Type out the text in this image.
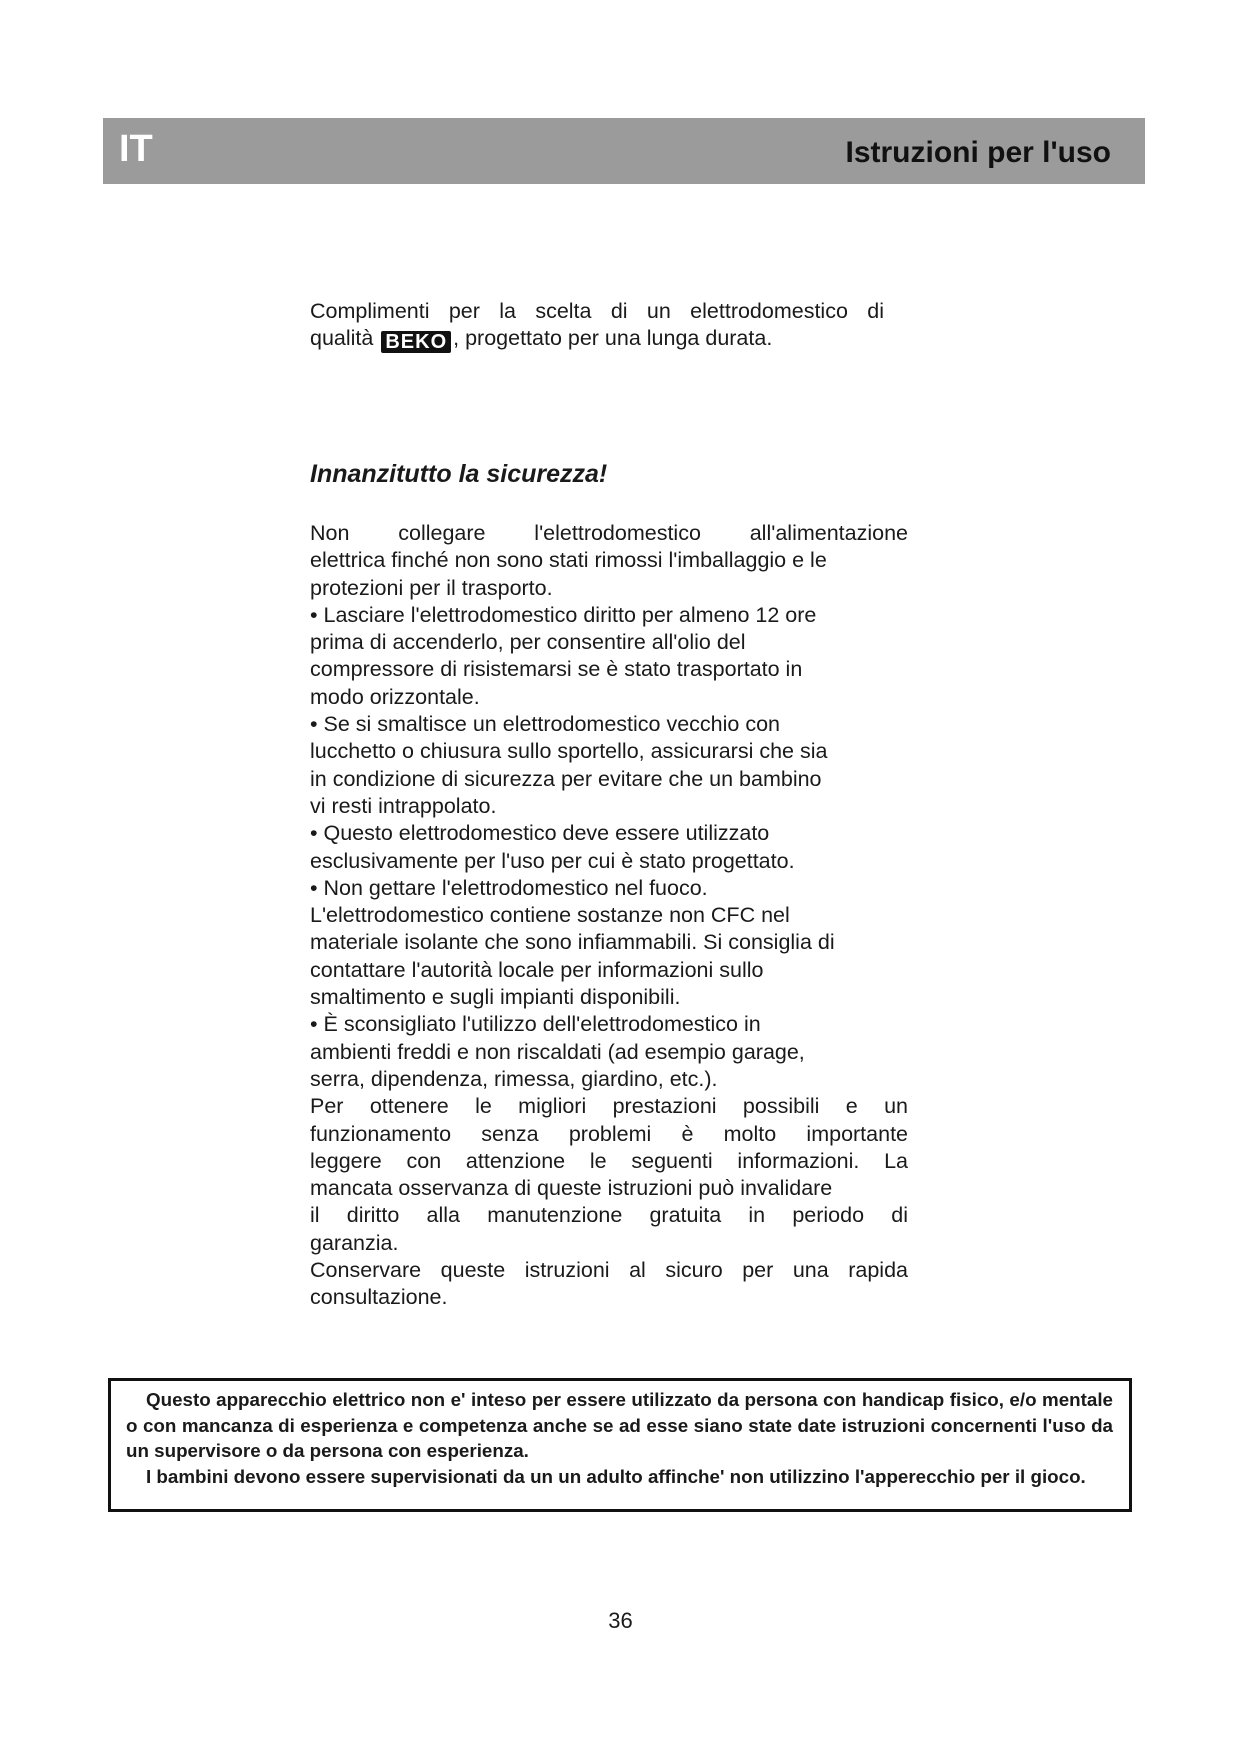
IT	Istruzioni per l'uso
Complimenti per la scelta di un elettrodomestico di
qualità BEKO , progettato per una lunga durata.
Innanzitutto la sicurezza!
Non collegare l'elettrodomestico all'alimentazione
elettrica finché non sono stati rimossi l'imballaggio e le
protezioni per il trasporto.
• Lasciare l'elettrodomestico diritto per almeno 12 ore
prima di accenderlo, per consentire all'olio del
compressore di risistemarsi se è stato trasportato in
modo orizzontale.
• Se si smaltisce un elettrodomestico vecchio con
lucchetto o chiusura sullo sportello, assicurarsi che sia
in condizione di sicurezza per evitare che un bambino
vi resti intrappolato.
• Questo elettrodomestico deve essere utilizzato
esclusivamente per l'uso per cui è stato progettato.
• Non gettare l'elettrodomestico nel fuoco.
L'elettrodomestico contiene sostanze non CFC nel
materiale isolante che sono infiammabili. Si consiglia di
contattare l'autorità locale per informazioni sullo
smaltimento e sugli impianti disponibili.
• È sconsigliato l'utilizzo dell'elettrodomestico in
ambienti freddi e non riscaldati (ad esempio garage,
serra, dipendenza, rimessa, giardino, etc.).
Per ottenere le migliori prestazioni possibili e un
funzionamento senza problemi è molto importante
leggere con attenzione le seguenti informazioni. La
mancata osservanza di queste istruzioni può invalidare
il diritto alla manutenzione gratuita in periodo di
garanzia.
Conservare queste istruzioni al sicuro per una rapida
consultazione.

Questo apparecchio elettrico non e' inteso per essere utilizzato da persona con handicap fisico, e/o mentale o con mancanza di esperienza e competenza anche se ad esse siano state date istruzioni concernenti l'uso da un supervisore o da persona con esperienza.

I bambini devono essere supervisionati da un un adulto affinche' non utilizzino l'apperecchio per il gioco.

36
